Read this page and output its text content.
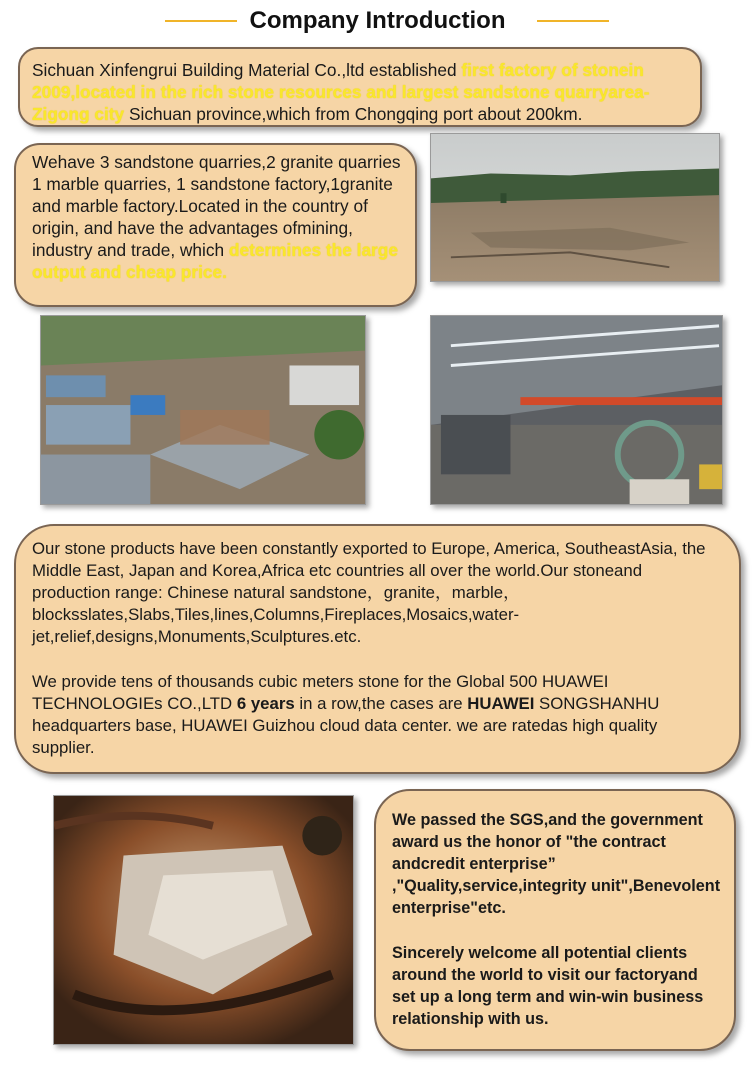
Company Introduction

Sichuan Xinfengrui Building Material Co.,ltd established first factory of stonein 2009,located in the rich stone resources and largest sandstone quarryarea-Zigong city Sichuan province,which from Chongqing port about 200km.

Wehave 3 sandstone quarries,2 granite quarries 1 marble quarries, 1 sandstone factory,1granite and marble factory.Located in the country of origin, and have the advantages ofmining, industry and trade, which determines the large output and cheap price.

Our stone products have been constantly exported to Europe, America, SoutheastAsia, the Middle East, Japan and Korea,Africa etc countries all over the world.Our stoneand production range: Chinese natural sandstone，granite，marble，blocksslates,Slabs,Tiles,lines,Columns,Fireplaces,Mosaics,water-jet,relief,designs,Monuments,Sculptures.etc.

We provide tens of thousands cubic meters stone for the Global 500 HUAWEI TECHNOLOGIEs CO.,LTD 6 years in a row,the cases are HUAWEI SONGSHANHU headquarters base, HUAWEI Guizhou cloud data center. we are ratedas high quality supplier.

We passed the SGS,and the government award us the honor of "the contract andcredit enterprise” ,"Quality,service,integrity unit",Benevolent enterprise"etc.

Sincerely welcome all potential clients around the world to visit our factoryand set up a long term and win-win business relationship with us.
